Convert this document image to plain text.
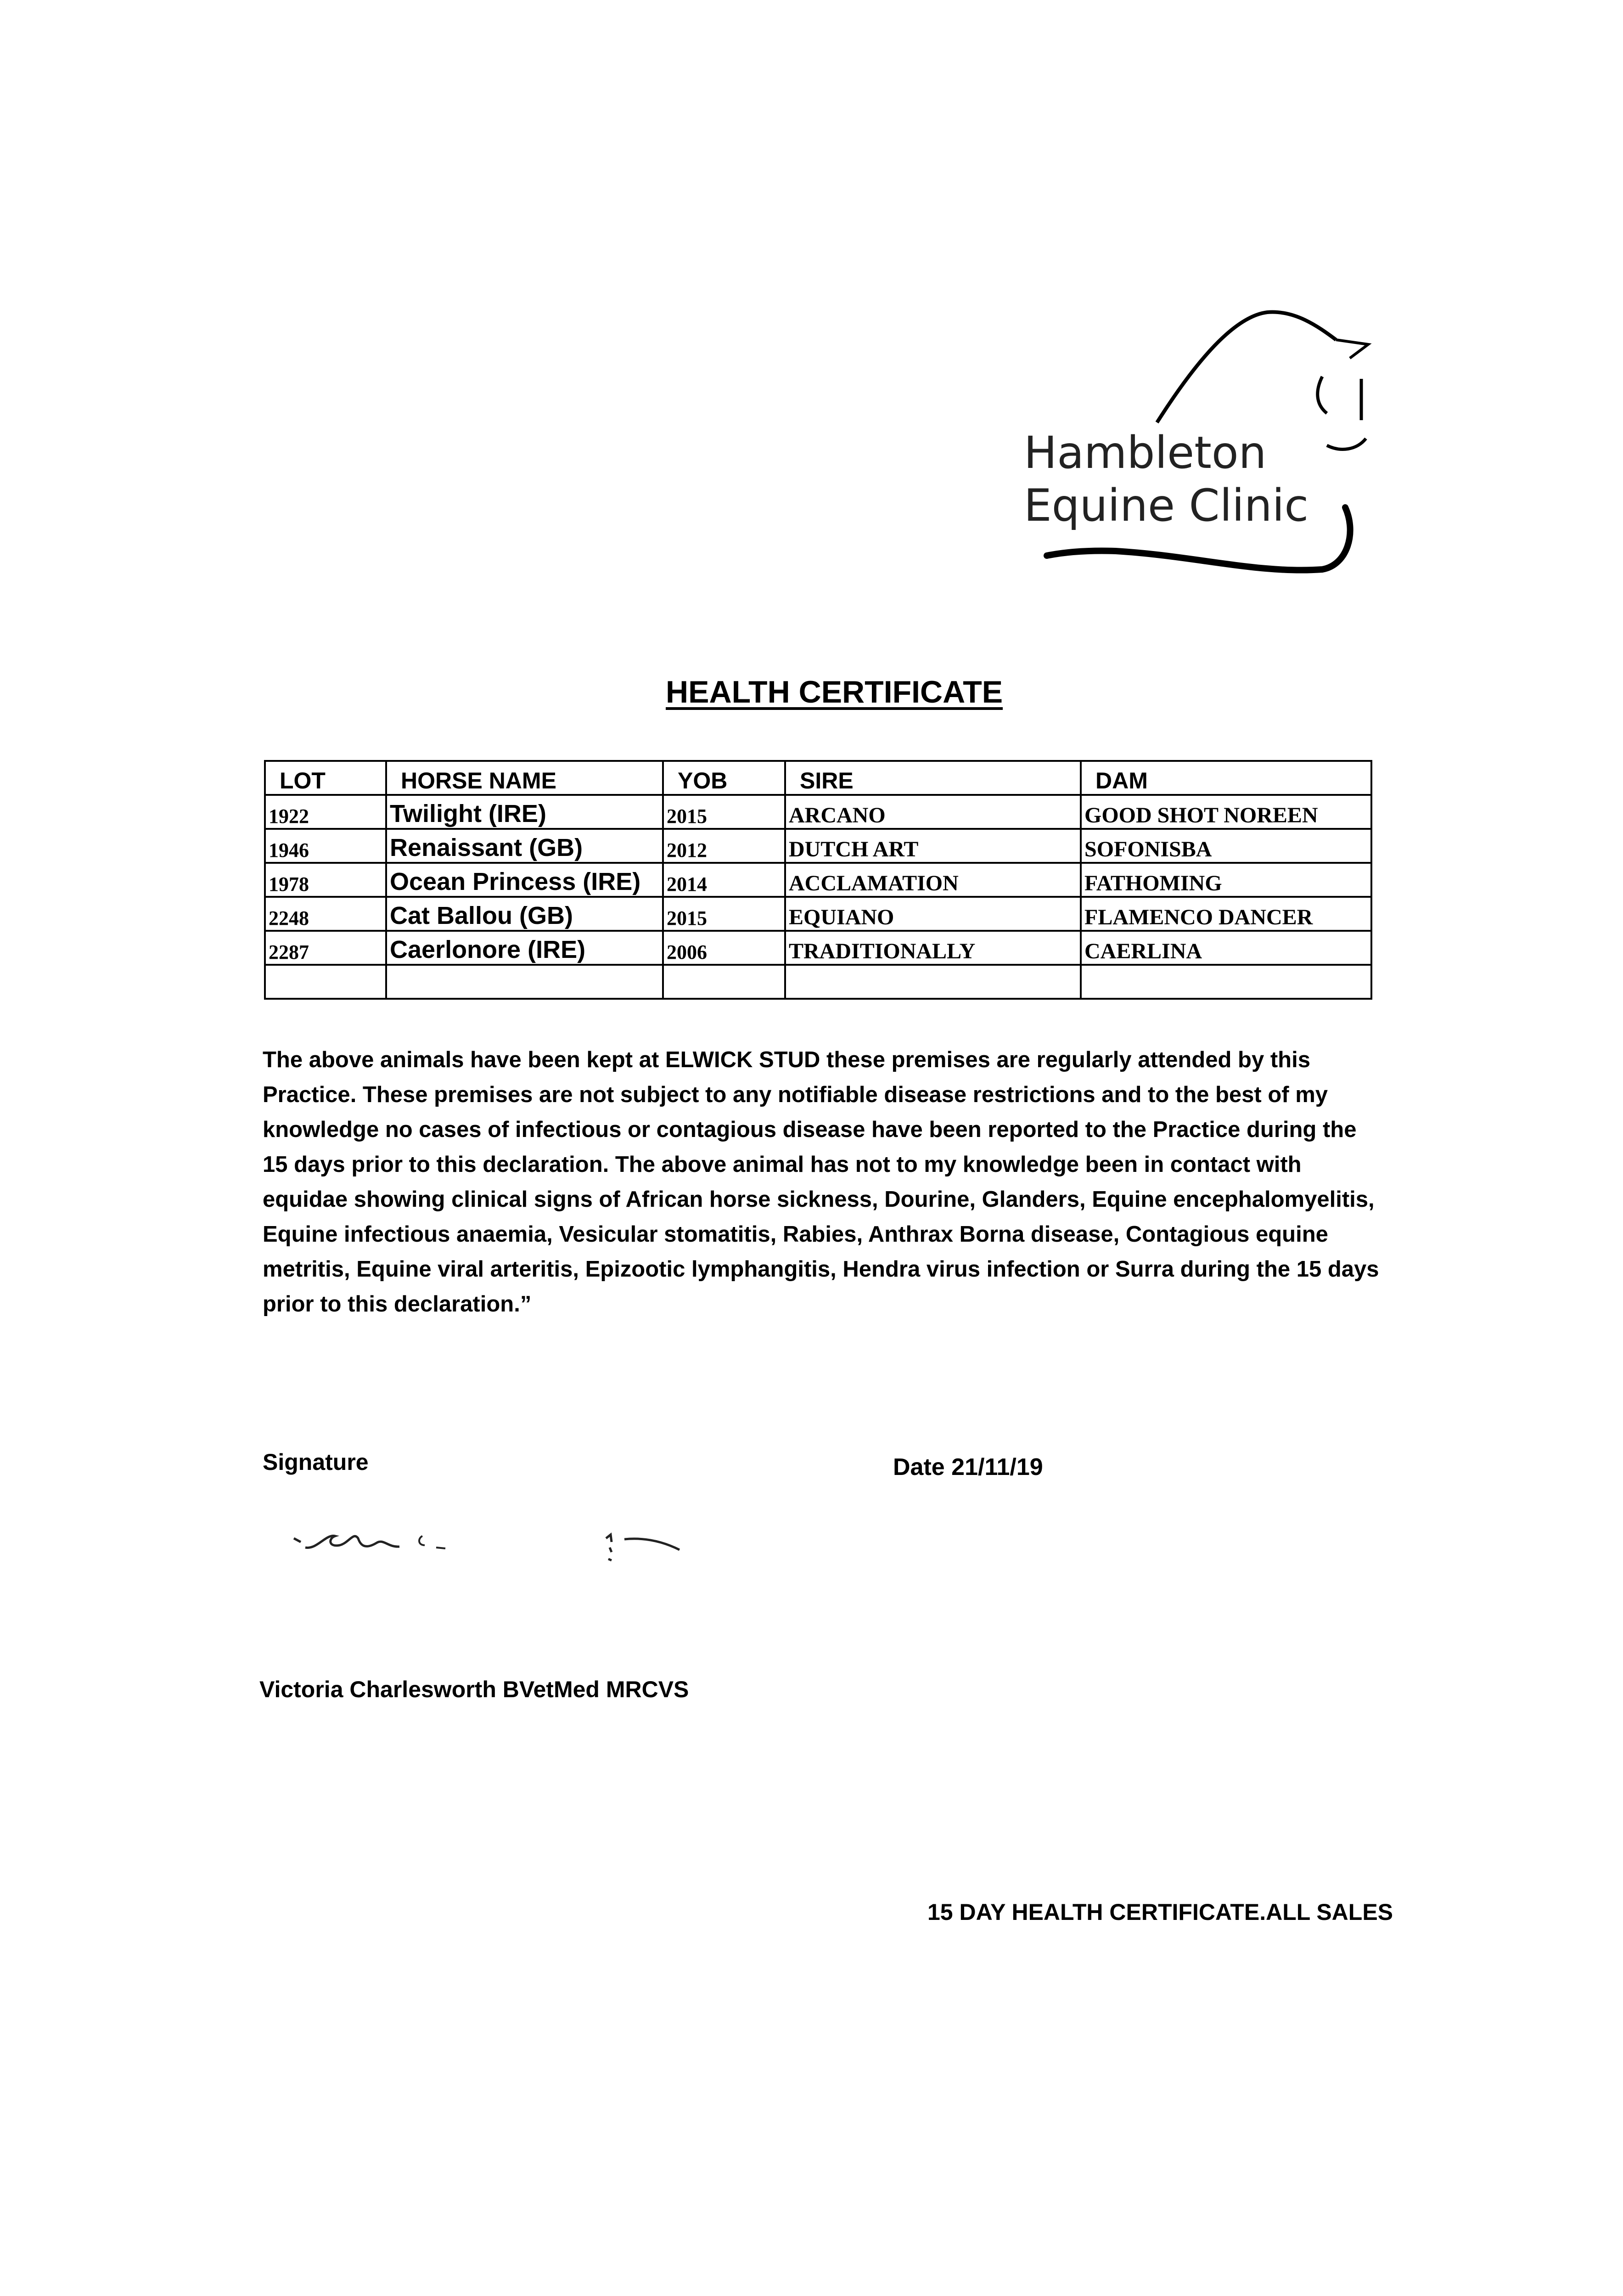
Hambleton
Equine Clinic
HEALTH CERTIFICATE
LOT	HORSE NAME	YOB	SIRE	DAM
1922	Twilight (IRE)	2015	ARCANO	GOOD SHOT NOREEN
1946	Renaissant (GB)	2012	DUTCH ART	SOFONISBA
1978	Ocean Princess (IRE)	2014	ACCLAMATION	FATHOMING
2248	Cat Ballou (GB)	2015	EQUIANO	FLAMENCO DANCER
2287	Caerlonore (IRE)	2006	TRADITIONALLY	CAERLINA

The above animals have been kept at ELWICK STUD these premises are regularly attended by this Practice. These premises are not subject to any notifiable disease restrictions and to the best of my knowledge no cases of infectious or contagious disease have been reported to the Practice during the 15 days prior to this declaration. The above animal has not to my knowledge been in contact with equidae showing clinical signs of African horse sickness, Dourine, Glanders, Equine encephalomyelitis, Equine infectious anaemia, Vesicular stomatitis, Rabies, Anthrax Borna disease, Contagious equine metritis, Equine viral arteritis, Epizootic lymphangitis, Hendra virus infection or Surra during the 15 days prior to this declaration.”
Signature	Date 21/11/19
Victoria Charlesworth BVetMed MRCVS
15 DAY HEALTH CERTIFICATE.ALL SALES
